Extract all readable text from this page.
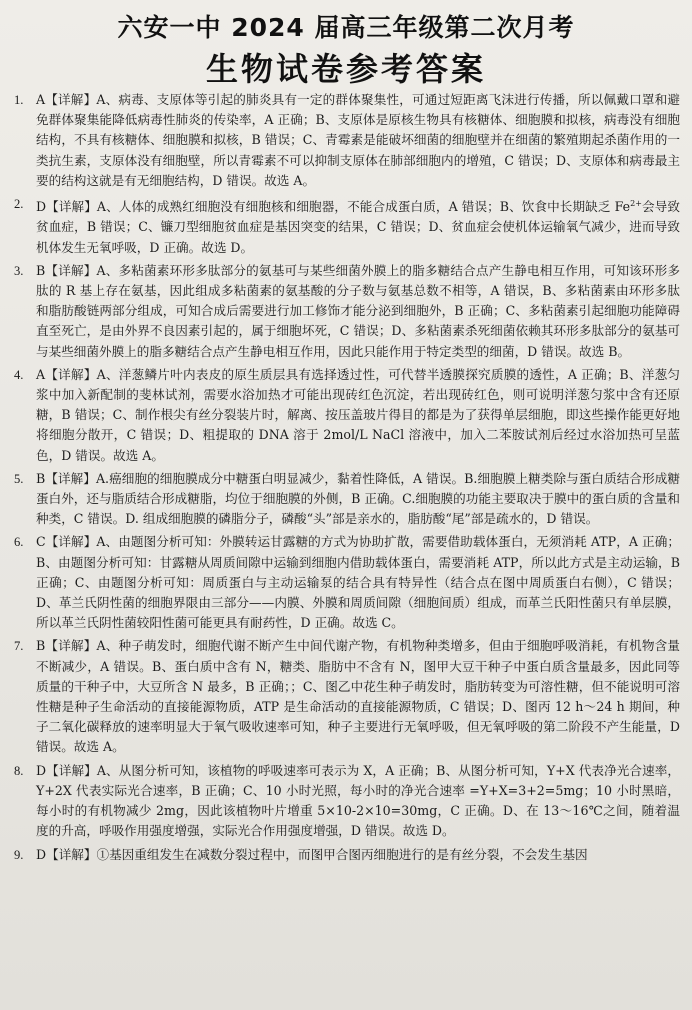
六安一中 2024 届高三年级第二次月考
生物试卷参考答案
1. A【详解】A、病毒、支原体等引起的肺炎具有一定的群体聚集性，可通过短距离飞沫进行传播，所以佩戴口罩和避免群体聚集能降低病毒性肺炎的传染率，A 正确；B、支原体是原核生物具有核糖体、细胞膜和拟核，病毒没有细胞结构，不具有核糖体、细胞膜和拟核，B 错误；C、青霉素是能破坏细菌的细胞壁并在细菌的繁殖期起杀菌作用的一类抗生素，支原体没有细胞壁，所以青霉素不可以抑制支原体在肺部细胞内的增殖，C 错误；D、支原体和病毒最主要的结构这就是有无细胞结构，D 错误。故选 A。
2. D【详解】A、人体的成熟红细胞没有细胞核和细胞器，不能合成蛋白质，A 错误；B、饮食中长期缺乏 $Fe^{2+}$会导致贫血症，B 错误；C、镰刀型细胞贫血症是基因突变的结果，C 错误；D、贫血症会使机体运输氧气减少，进而导致机体发生无氧呼吸，D 正确。故选 D。
3. B【详解】A、多粘菌素环形多肽部分的氨基可与某些细菌外膜上的脂多糖结合点产生静电相互作用，可知该环形多肽的 R 基上存在氨基，因此组成多粘菌素的氨基酸的分子数与氨基总数不相等，A 错误，B、多粘菌素由环形多肽和脂肪酸链两部分组成，可知合成后需要进行加工修饰才能分泌到细胞外，B 正确；C、多粘菌素引起细胞功能障碍直至死亡，是由外界不良因素引起的，属于细胞坏死，C 错误；D、多粘菌素杀死细菌依赖其环形多肽部分的氨基可与某些细菌外膜上的脂多糖结合点产生静电相互作用，因此只能作用于特定类型的细菌，D 错误。故选 B。
4. A【详解】A、洋葱鳞片叶内表皮的原生质层具有选择透过性，可代替半透膜探究质膜的透性，A 正确；B、洋葱匀浆中加入新配制的斐林试剂，需要水浴加热才可能出现砖红色沉淀，若出现砖红色，则可说明洋葱匀浆中含有还原糖，B 错误；C、制作根尖有丝分裂装片时，解离、按压盖玻片得目的都是为了获得单层细胞，即这些操作能更好地将细胞分散开，C 错误；D、粗提取的 DNA 溶于 2mol/L NaCl 溶液中，加入二苯胺试剂后经过水浴加热可呈蓝色，D 错误。故选 A。
5. B【详解】A.癌细胞的细胞膜成分中糖蛋白明显减少，黏着性降低，A 错误。B.细胞膜上糖类除与蛋白质结合形成糖蛋白外，还与脂质结合形成糖脂，均位于细胞膜的外侧，B 正确。C.细胞膜的功能主要取决于膜中的蛋白质的含量和种类，C 错误。D. 组成细胞膜的磷脂分子，磷酸“头”部是亲水的，脂肪酸“尾”部是疏水的，D 错误。
6. C【详解】A、由题图分析可知：外膜转运甘露糖的方式为协助扩散，需要借助载体蛋白，无须消耗 ATP，A 正确；B、由题图分析可知：甘露糖从周质间隙中运输到细胞内借助载体蛋白，需要消耗 ATP，所以此方式是主动运输，B 正确；C、由题图分析可知：周质蛋白与主动运输泵的结合具有特异性（结合点在图中周质蛋白右侧），C 错误；D、革兰氏阴性菌的细胞界限由三部分——内膜、外膜和周质间隙（细胞间质）组成，而革兰氏阳性菌只有单层膜，所以革兰氏阴性菌较阳性菌可能更具有耐药性，D 正确。故选 C。
7. B【详解】A、种子萌发时，细胞代谢不断产生中间代谢产物，有机物种类增多，但由于细胞呼吸消耗，有机物含量不断减少，A 错误。B、蛋白质中含有 N，糖类、脂肪中不含有 N，图甲大豆干种子中蛋白质含量最多，因此同等质量的干种子中，大豆所含 N 最多，B 正确；；C、图乙中花生种子萌发时，脂肪转变为可溶性糖，但不能说明可溶性糖是种子生命活动的直接能源物质，ATP 是生命活动的直接能源物质，C 错误；D、图丙 12 h～24 h 期间，种子二氧化碳释放的速率明显大于氧气吸收速率可知，种子主要进行无氧呼吸，但无氧呼吸的第二阶段不产生能量，D 错误。故选 A。
8. D【详解】A、从图分析可知，该植物的呼吸速率可表示为 X，A 正确；B、从图分析可知，Y+X 代表净光合速率，Y+2X 代表实际光合速率，B 正确；C、10 小时光照，每小时的净光合速率 =Y+X=3+2=5mg；10 小时黑暗，每小时的有机物减少 2mg，因此该植物叶片增重 5×10-2×10=30mg，C 正确。D、在 13～16℃之间，随着温度的升高，呼吸作用强度增强，实际光合作用强度增强，D 错误。故选 D。
9. D【详解】①基因重组发生在减数分裂过程中，而图甲合图丙细胞进行的是有丝分裂，不会发生基因
